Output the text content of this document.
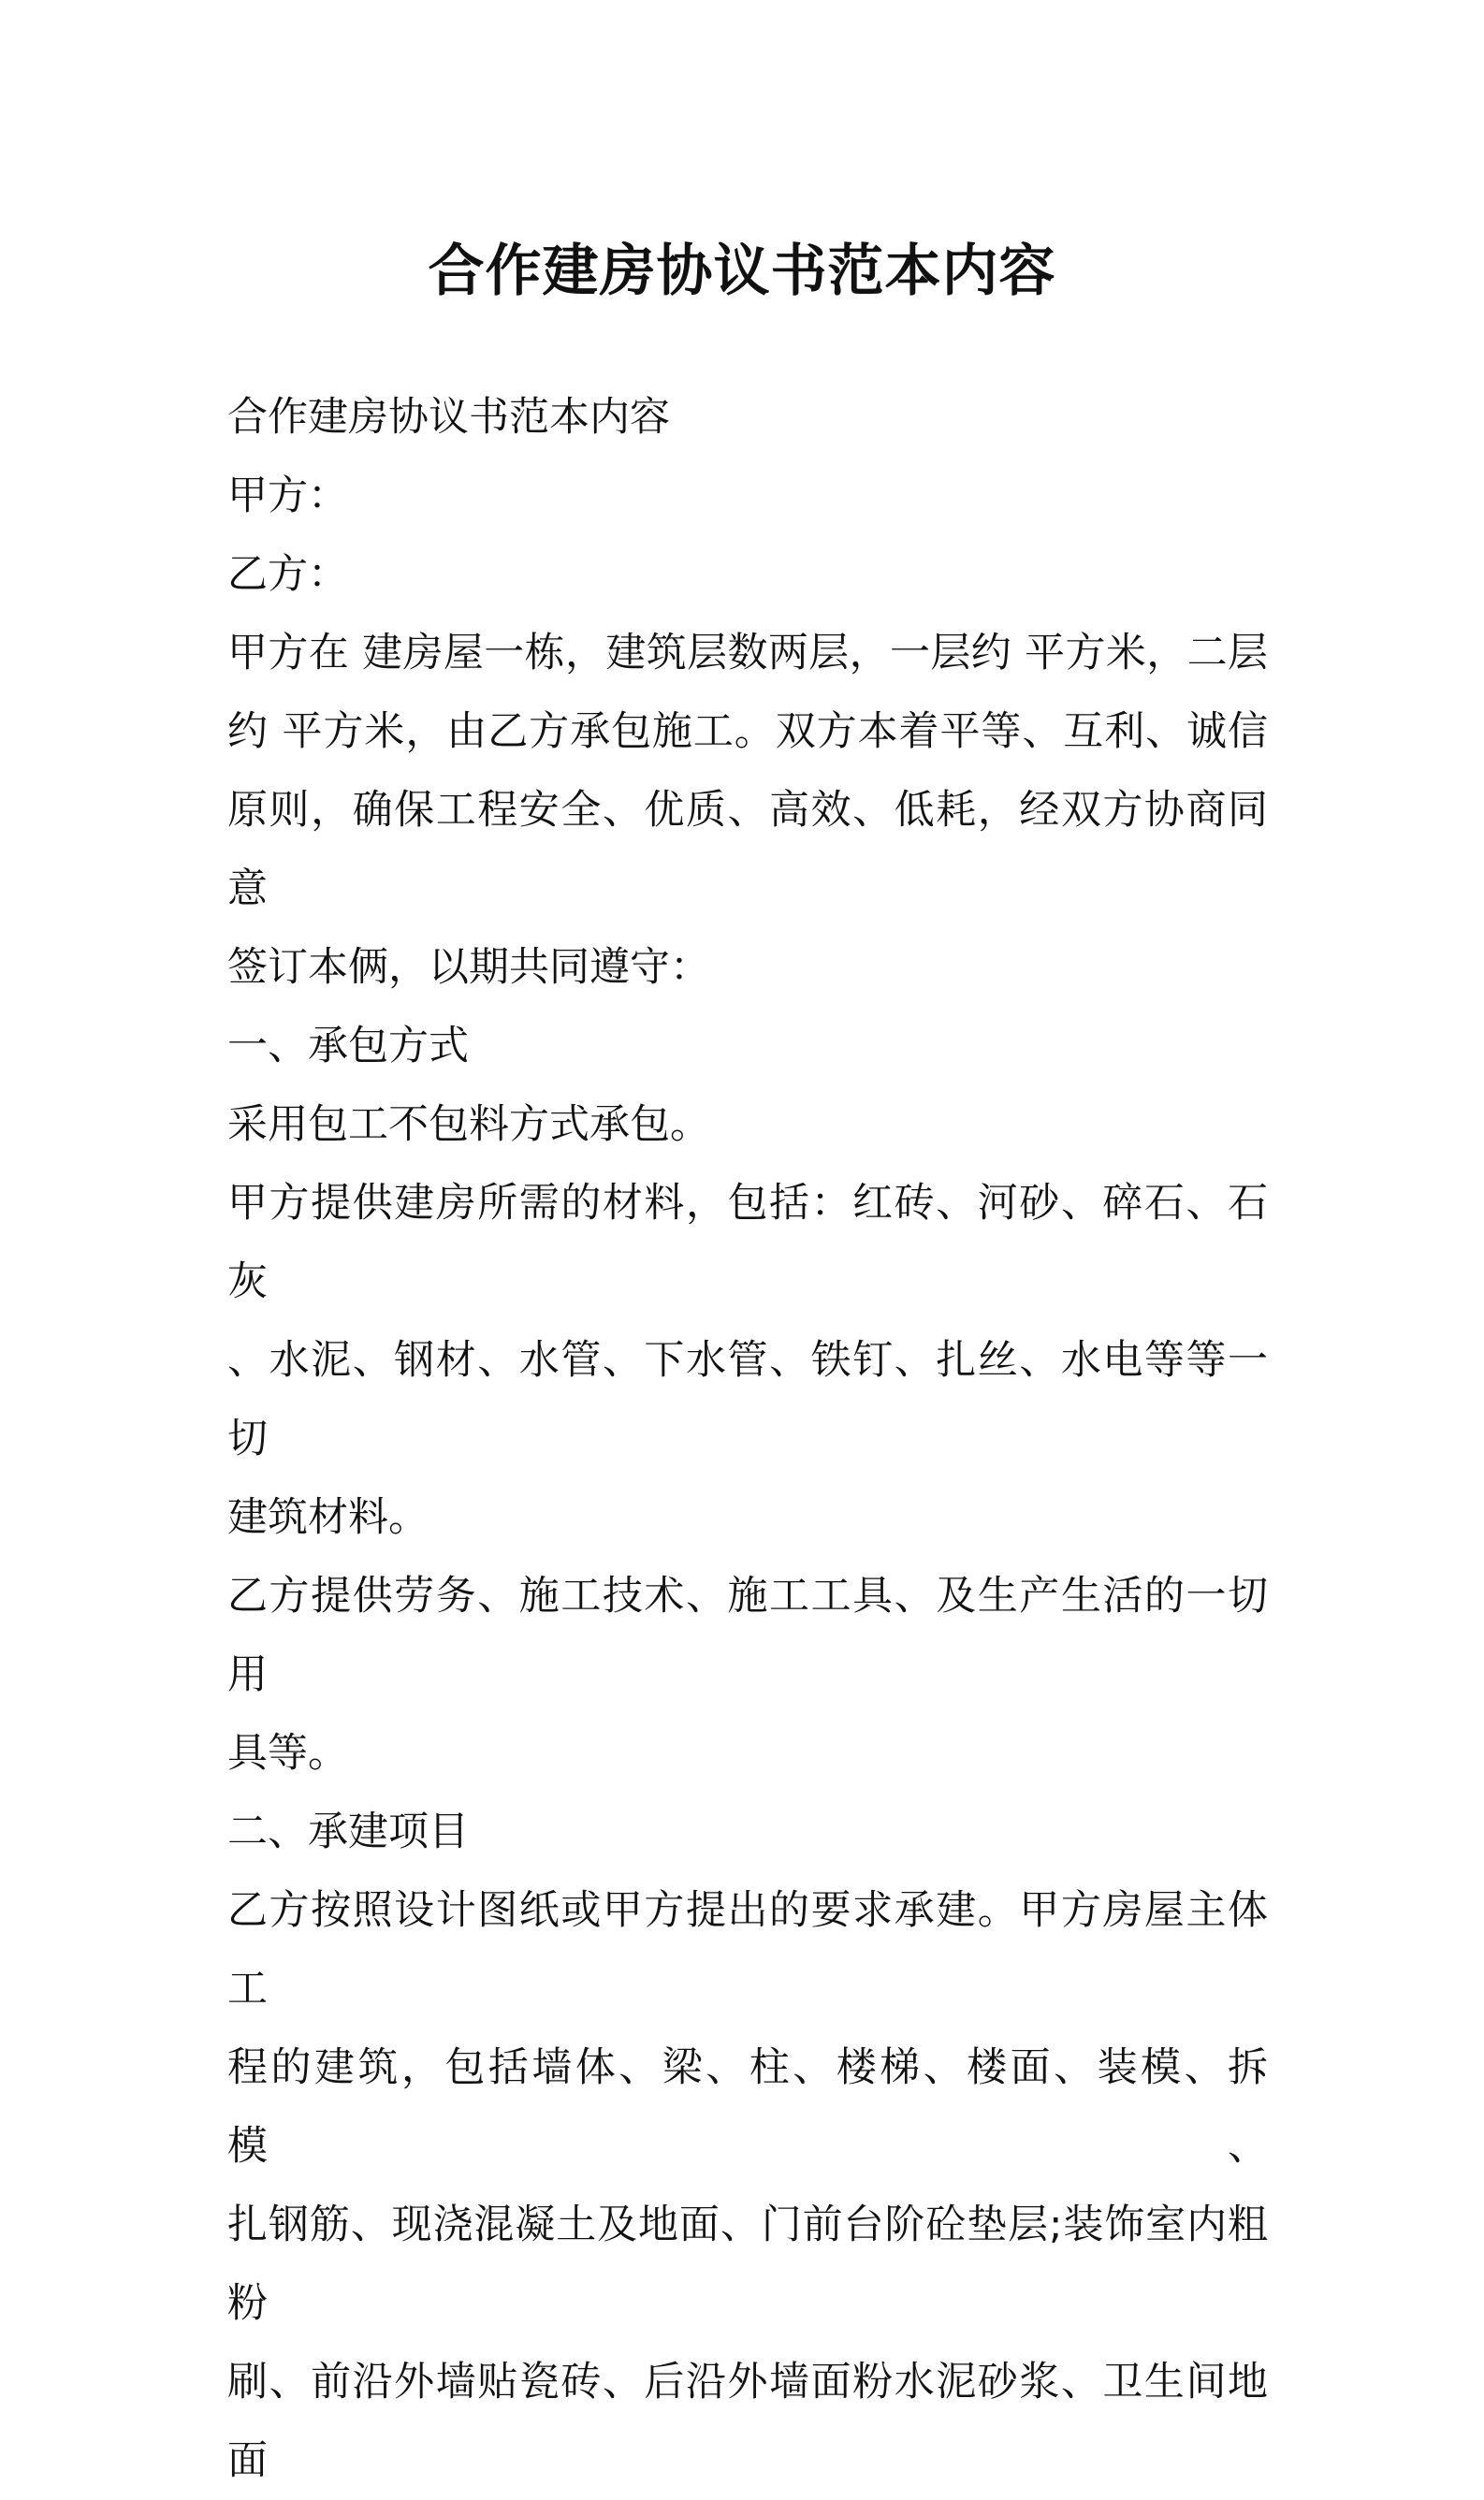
合作建房协议书范本内容
合作建房协议书范本内容
甲方：
乙方：
甲方在 建房屋一栋，建筑层数两层，一层约 平方米，二层
约 平方米，由乙方承包施工。双方本着平等、互利、诚信
原则，确保工程安全、优质、高效、低耗，经双方协商同意
签订本俩，以期共同遵守：
一、承包方式
采用包工不包料方式承包。
甲方提供建房所需的材料，包括：红砖、河砂、碎石、石灰
、水泥、钢材、水管、下水管、铁钉、扎丝、水电等等一切
建筑材料。
乙方提供劳务、施工技术、施工工具、及生产生活的一切用
具等。
二、承建项目
乙方按照设计图纸或甲方提出的要求承建。甲方房屋主体工
程的建筑，包括墙体、梁、柱、楼梯、楼面、装模、拆模、
扎钢筋、现浇混凝土及地面、门前台阶砼垫层;装饰室内粗粉
刷、前沿外墙贴瓷砖、后沿外墙面粉水泥砂浆、卫生间地面
